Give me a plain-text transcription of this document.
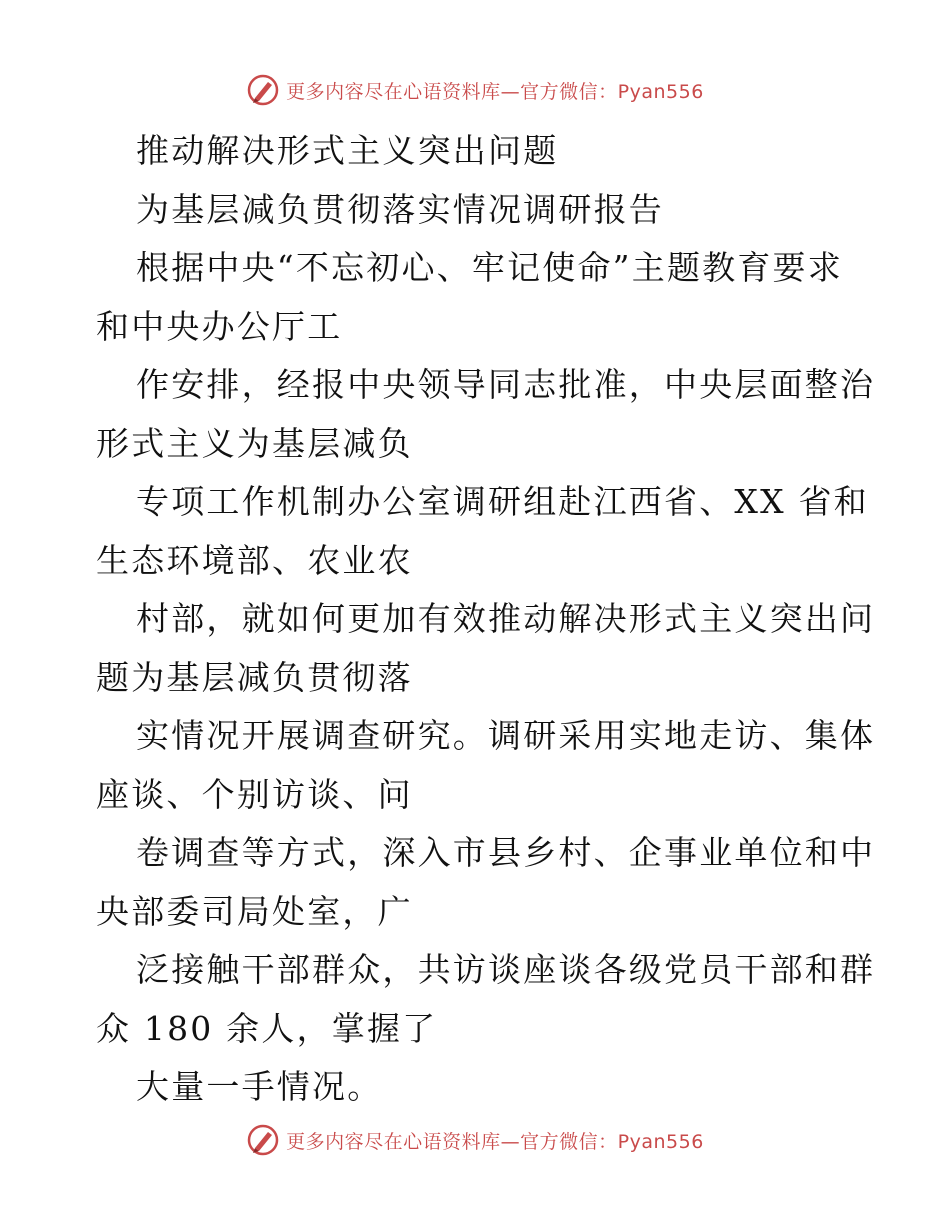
更多内容尽在心语资料库—官方微信：Pyan556
推动解决形式主义突出问题
为基层减负贯彻落实情况调研报告
根据中央“不忘初心、牢记使命”主题教育要求
和中央办公厅工
作安排，经报中央领导同志批准，中央层面整治
形式主义为基层减负
专项工作机制办公室调研组赴江西省、XX 省和
生态环境部、农业农
村部，就如何更加有效推动解决形式主义突出问
题为基层减负贯彻落
实情况开展调查研究。调研采用实地走访、集体
座谈、个别访谈、问
卷调查等方式，深入市县乡村、企事业单位和中
央部委司局处室，广
泛接触干部群众，共访谈座谈各级党员干部和群
众 180 余人，掌握了
大量一手情况。
更多内容尽在心语资料库—官方微信：Pyan556
